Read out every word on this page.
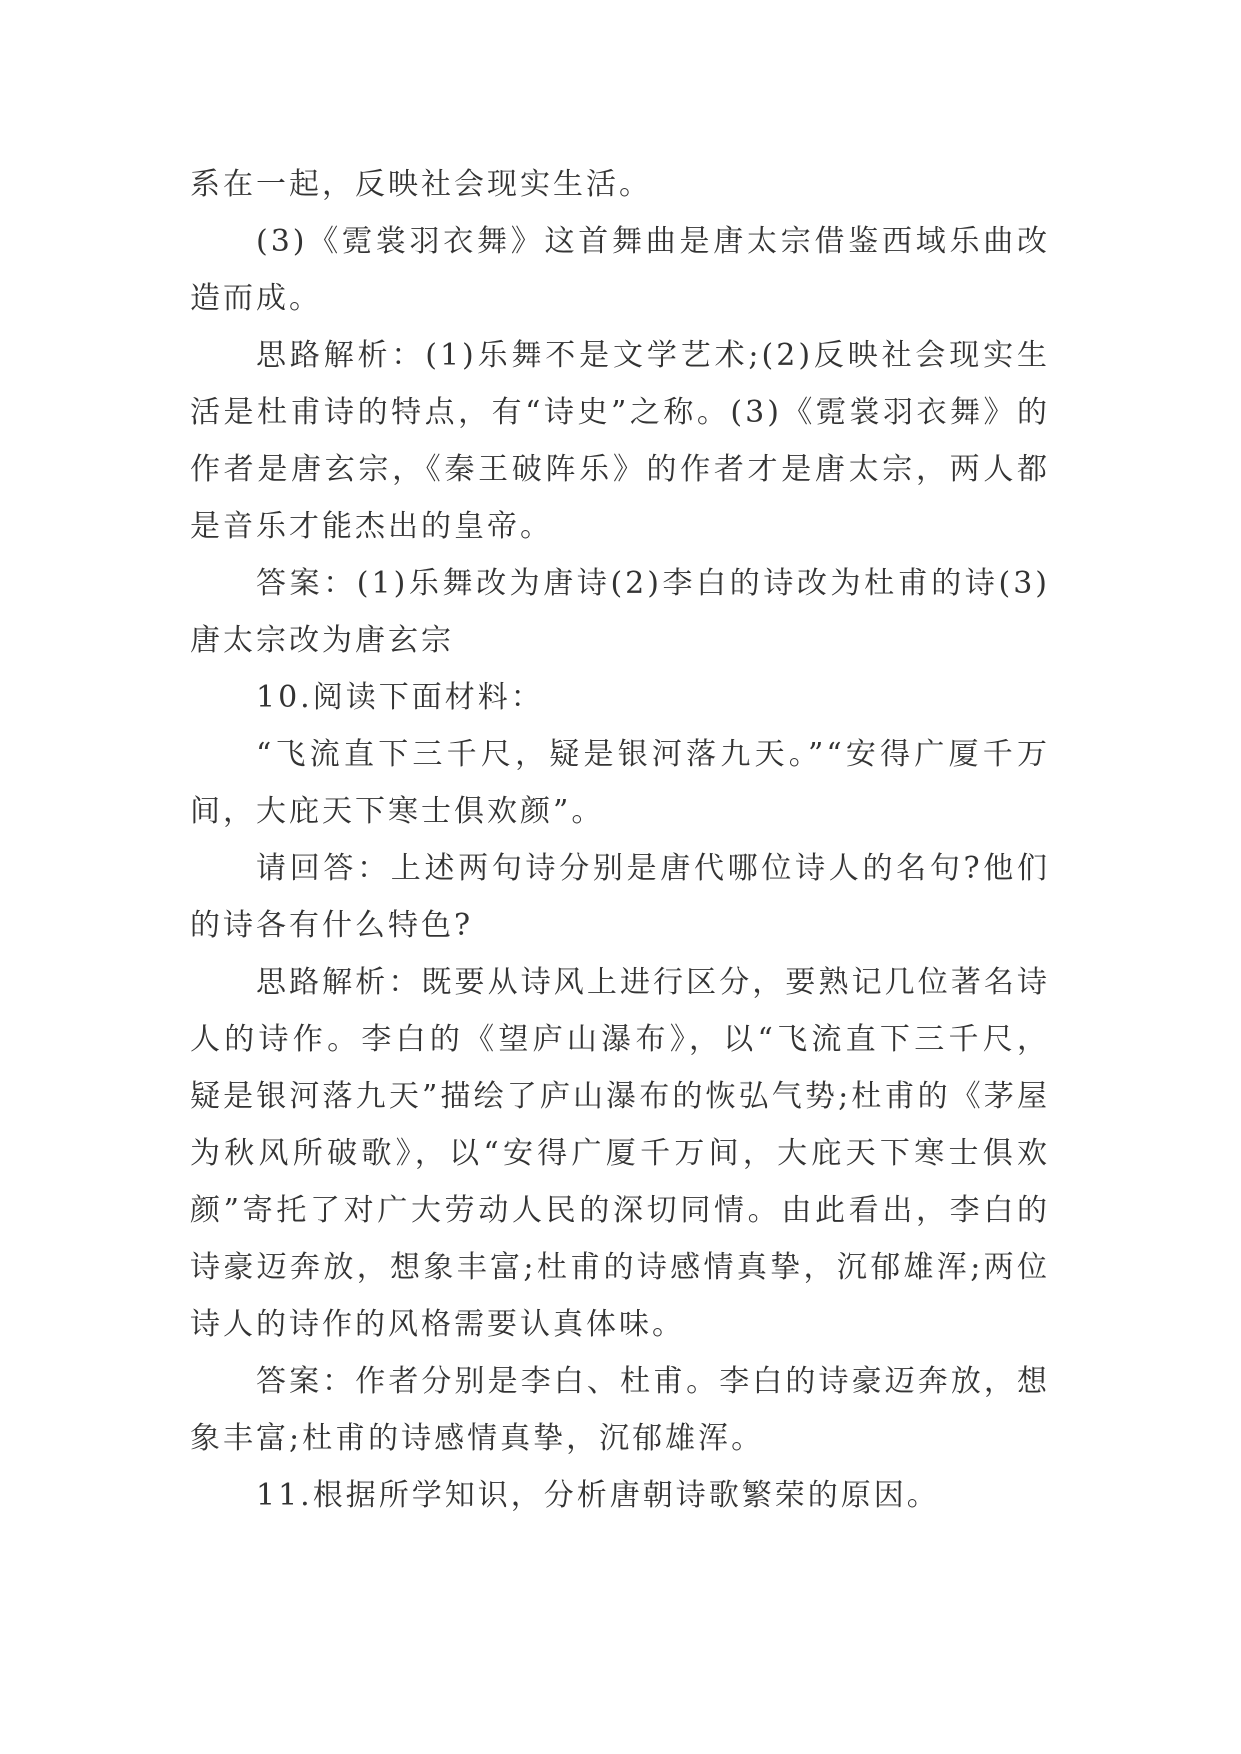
系在一起，反映社会现实生活。

(3)《霓裳羽衣舞》这首舞曲是唐太宗借鉴西域乐曲改造而成。

思路解析：(1)乐舞不是文学艺术;(2)反映社会现实生活是杜甫诗的特点，有“诗史”之称。(3)《霓裳羽衣舞》的作者是唐玄宗，《秦王破阵乐》的作者才是唐太宗，两人都是音乐才能杰出的皇帝。

答案：(1)乐舞改为唐诗(2)李白的诗改为杜甫的诗(3)唐太宗改为唐玄宗

10.阅读下面材料：

“飞流直下三千尺，疑是银河落九天。”“安得广厦千万间，大庇天下寒士俱欢颜”。

请回答：上述两句诗分别是唐代哪位诗人的名句?他们的诗各有什么特色?

思路解析：既要从诗风上进行区分，要熟记几位著名诗人的诗作。李白的《望庐山瀑布》，以“飞流直下三千尺，疑是银河落九天”描绘了庐山瀑布的恢弘气势;杜甫的《茅屋为秋风所破歌》，以“安得广厦千万间，大庇天下寒士俱欢颜”寄托了对广大劳动人民的深切同情。由此看出，李白的诗豪迈奔放，想象丰富;杜甫的诗感情真挚，沉郁雄浑;两位诗人的诗作的风格需要认真体味。

答案：作者分别是李白、杜甫。李白的诗豪迈奔放，想象丰富;杜甫的诗感情真挚，沉郁雄浑。

11.根据所学知识，分析唐朝诗歌繁荣的原因。
